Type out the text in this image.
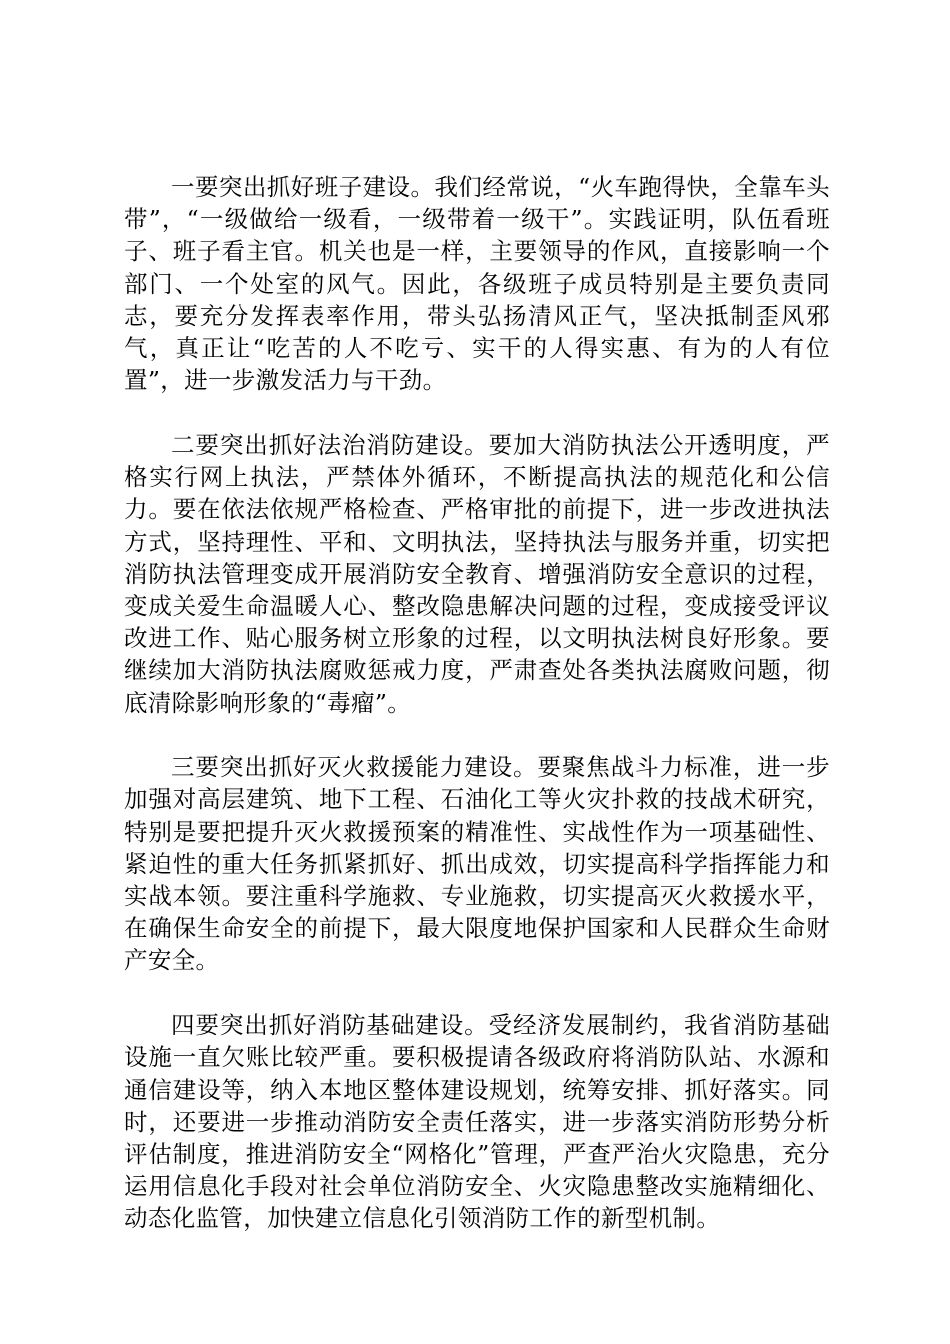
一要突出抓好班子建设。我们经常说，“火车跑得快，全靠车头带”，“一级做给一级看，一级带着一级干”。实践证明，队伍看班子、班子看主官。机关也是一样，主要领导的作风，直接影响一个部门、一个处室的风气。因此，各级班子成员特别是主要负责同志，要充分发挥表率作用，带头弘扬清风正气，坚决抵制歪风邪气，真正让“吃苦的人不吃亏、实干的人得实惠、有为的人有位置”，进一步激发活力与干劲。

二要突出抓好法治消防建设。要加大消防执法公开透明度，严格实行网上执法，严禁体外循环，不断提高执法的规范化和公信力。要在依法依规严格检查、严格审批的前提下，进一步改进执法方式，坚持理性、平和、文明执法，坚持执法与服务并重，切实把消防执法管理变成开展消防安全教育、增强消防安全意识的过程，变成关爱生命温暖人心、整改隐患解决问题的过程，变成接受评议改进工作、贴心服务树立形象的过程，以文明执法树良好形象。要继续加大消防执法腐败惩戒力度，严肃查处各类执法腐败问题，彻底清除影响形象的“毒瘤”。

三要突出抓好灭火救援能力建设。要聚焦战斗力标准，进一步加强对高层建筑、地下工程、石油化工等火灾扑救的技战术研究，特别是要把提升灭火救援预案的精准性、实战性作为一项基础性、紧迫性的重大任务抓紧抓好、抓出成效，切实提高科学指挥能力和实战本领。要注重科学施救、专业施救，切实提高灭火救援水平，在确保生命安全的前提下，最大限度地保护国家和人民群众生命财产安全。

四要突出抓好消防基础建设。受经济发展制约，我省消防基础设施一直欠账比较严重。要积极提请各级政府将消防队站、水源和通信建设等，纳入本地区整体建设规划，统筹安排、抓好落实。同时，还要进一步推动消防安全责任落实，进一步落实消防形势分析评估制度，推进消防安全“网格化”管理，严查严治火灾隐患，充分运用信息化手段对社会单位消防安全、火灾隐患整改实施精细化、动态化监管，加快建立信息化引领消防工作的新型机制。
